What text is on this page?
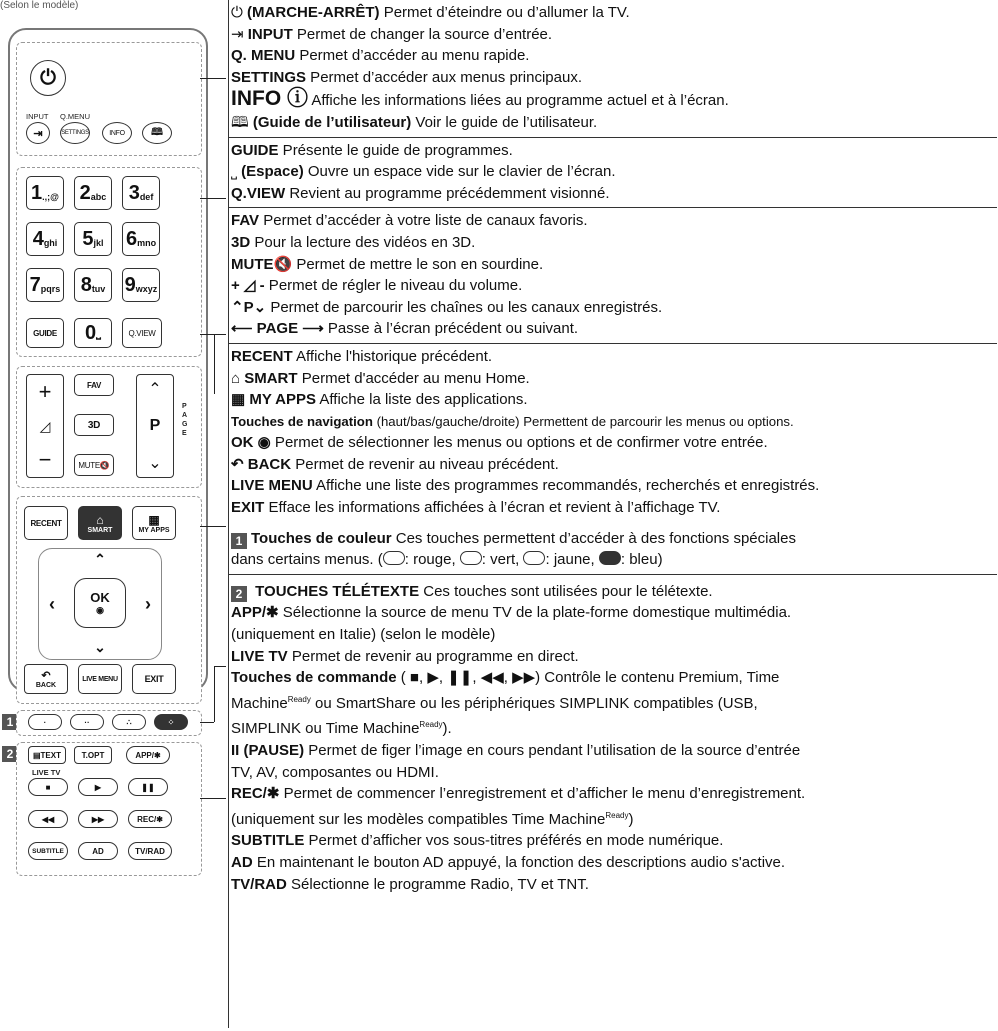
(Selon le modèle)
⏻
INPUT Q.MENU
⇥	SETTINGS	INFO	🕮
GUIDE	0 ⎵	Q.VIEW
+
◿
−
FAV
3D
MUTE 🔇
⌃
P
⌄
PAGE
RECENT	⌂
SMART
▦
MY APPS
⌃
‹	›
⌄
OK
◉
↶
BACK
LIVE MENU	EXIT
1	·	··	∴	⁘
2	▤ TEXT	T.OPT	APP/✱
LIVE TV
■	▶	❚❚
◀◀	▶▶	REC/✱
SUBTITLE	AD	TV/RAD
1 .,;@ 2 abc 3 def
4 ghi 5 jkl 6 mno
7 pqrs 8 tuv 9 wxyz
⏻ (MARCHE-ARRÊT) Permet d’éteindre ou d’allumer la TV.
⇥ INPUT Permet de changer la source d’entrée.
Q. MENU Permet d’accéder au menu rapide.
SETTINGS Permet d’accéder aux menus principaux.
INFO ⓘ Affiche les informations liées au programme actuel et à l’écran.
🕮 (Guide de l’utilisateur) Voir le guide de l’utilisateur.
GUIDE Présente le guide de programmes.
⎵ (Espace) Ouvre un espace vide sur le clavier de l’écran.
Q.VIEW Revient au programme précédemment visionné.
FAV Permet d’accéder à votre liste de canaux favoris.
3D Pour la lecture des vidéos en 3D.
MUTE🔇 Permet de mettre le son en sourdine.
+ ◿ - Permet de régler le niveau du volume.
⌃P⌄ Permet de parcourir les chaînes ou les canaux enregistrés.
⟵ PAGE ⟶ Passe à l’écran précédent ou suivant.
RECENT Affiche l'historique précédent.
⌂ SMART Permet d'accéder au menu Home.
▦ MY APPS Affiche la liste des applications.
Touches de navigation (haut/bas/gauche/droite) Permettent de parcourir les menus ou options.
OK ◉ Permet de sélectionner les menus ou options et de confirmer votre entrée.
↶ BACK Permet de revenir au niveau précédent.
LIVE MENU Affiche une liste des programmes recommandés, recherchés et enregistrés.
EXIT Efface les informations affichées à l’écran et revient à l’affichage TV.
1 Touches de couleur Ces touches permettent d’accéder à des fonctions spéciales
dans certains menus. ( : rouge, : vert, : jaune, : bleu)
2 TOUCHES TÉLÉTEXTE Ces touches sont utilisées pour le télétexte.
APP/✱ Sélectionne la source de menu TV de la plate-forme domestique multimédia.
(uniquement en Italie) (selon le modèle)
LIVE TV Permet de revenir au programme en direct.
Touches de commande ( ■, ▶, ❚❚, ◀◀, ▶▶) Contrôle le contenu Premium, Time
Machine$^{Ready}$ ou SmartShare ou les périphériques SIMPLINK compatibles (USB,
SIMPLINK ou Time Machine$^{Ready}$).
II (PAUSE) Permet de figer l’image en cours pendant l’utilisation de la source d’entrée
TV, AV, composantes ou HDMI.
REC/✱ Permet de commencer l’enregistrement et d’afficher le menu d’enregistrement.
(uniquement sur les modèles compatibles Time Machine$^{Ready}$)
SUBTITLE Permet d’afficher vos sous-titres préférés en mode numérique.
AD En maintenant le bouton AD appuyé, la fonction des descriptions audio s'active.
TV/RAD Sélectionne le programme Radio, TV et TNT.
